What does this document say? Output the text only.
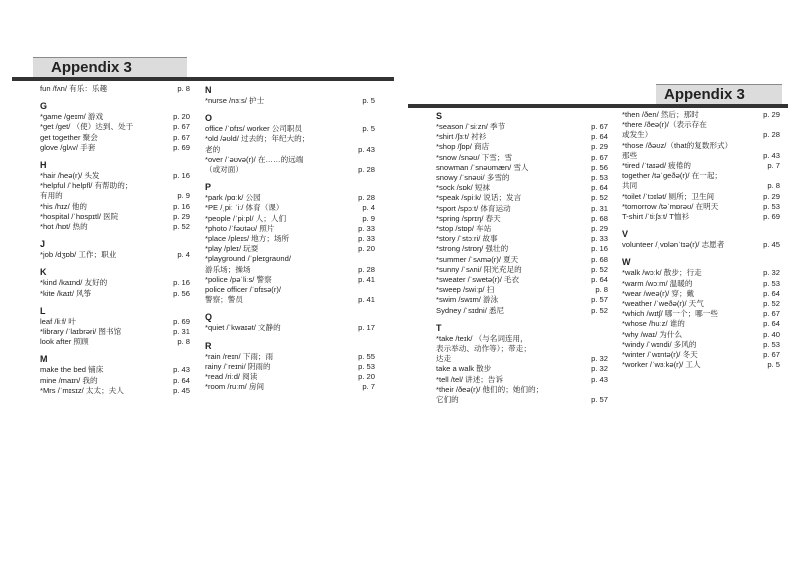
Appendix 3
fun /fʌn/ 有乐：乐趣	p. 8
G
*game /geɪm/ 游戏	p. 20
*get /get/ （使）达到、处于	p. 67
get together 聚会	p. 67
glove /glʌv/ 手套	p. 69
H
*hair /heə(r)/ 头发	p. 16
*helpful /ˈhelpfl/ 有帮助的；
有用的	p. 9
*his /hɪz/ 他的	p. 16
*hospital /ˈhɒspɪtl/ 医院	p. 29
*hot /hɒt/ 热的	p. 52
J
*job /dʒɒb/ 工作；职业	p. 4
K
*kind /kaɪnd/ 友好的	p. 16
*kite /kaɪt/ 风筝	p. 56
L
leaf /liːf/ 叶	p. 69
*library /ˈlaɪbrəri/ 图书馆	p. 31
look after 照顾	p. 8
M
make the bed 铺床	p. 43
mine /maɪn/ 我的	p. 64
*Mrs /ˈmɪsɪz/ 太太；夫人	p. 45
N
*nurse /nɜːs/ 护士	p. 5
O
office /ˈɒfɪs/ worker 公司职员	p. 5
*old /əʊld/ 过去的；年纪大的；
老的	p. 43
*over /ˈəʊvə(r)/ 在……的远端
（或对面）	p. 28
P
*park /pɑːk/ 公园	p. 28
*PE /ˌpiː ˈiː/ 体育（课）	p. 4
*people /ˈpiːpl/ 人；人们	p. 9
*photo /ˈfəʊtəʊ/ 照片	p. 33
*place /pleɪs/ 地方；场所	p. 33
*play /pleɪ/ 玩耍	p. 20
*playground /ˈpleɪɡraʊnd/
游乐场；操场	p. 28
*police /pəˈliːs/ 警察	p. 41
police officer /ˈɒfɪsə(r)/
警察；警员	p. 41
Q
*quiet /ˈkwaɪət/ 文静的	p. 17
R
*rain /reɪn/ 下雨；雨	p. 55
rainy /ˈreɪni/ 阴雨的	p. 53
*read /riːd/ 阅读	p. 20
*room /ruːm/ 房间	p. 7
Appendix 3
S
*season /ˈsiːzn/ 季节	p. 67
*shirt /ʃɜːt/ 衬衫	p. 64
*shop /ʃɒp/ 商店	p. 29
*snow /snəʊ/ 下雪；雪	p. 67
snowman /ˈsnəʊmæn/ 雪人	p. 56
snowy /ˈsnəʊi/ 多雪的	p. 53
*sock /sɒk/ 短袜	p. 64
*speak /spiːk/ 说话；发言	p. 52
*sport /spɔːt/ 体育运动	p. 31
*spring /sprɪŋ/ 春天	p. 68
*stop /stɒp/ 车站	p. 29
*story /ˈstɔːri/ 故事	p. 33
*strong /strɒŋ/ 强壮的	p. 16
*summer /ˈsʌmə(r)/ 夏天	p. 68
*sunny /ˈsʌni/ 阳光充足的	p. 52
*sweater /ˈswetə(r)/ 毛衣	p. 64
*sweep /swiːp/ 扫	p. 8
*swim /swɪm/ 游泳	p. 57
Sydney /ˈsɪdni/ 悉尼	p. 52
T
*take /teɪk/ （与名词连用，
表示举动、动作等）；带走；
达走	p. 32
take a walk 散步	p. 32
*tell /tel/ 讲述；告诉	p. 43
*their /ðeə(r)/ 他们的；她们的；
它们的	p. 57
*then /ðen/ 然后；那时	p. 29
*there /ðeə(r)/（表示存在
或发生）	p. 28
*those /ðəʊz/（that的复数形式）
那些	p. 43
*tired /ˈtaɪəd/ 疲倦的	p. 7
together /təˈɡeðə(r)/ 在一起；
共同	p. 8
*toilet /ˈtɔɪlət/ 厕所；卫生间	p. 29
*tomorrow /təˈmɒrəʊ/ 在明天	p. 53
T-shirt /ˈtiːʃɜːt/ T恤衫	p. 69
V
volunteer /ˌvɒlənˈtɪə(r)/ 志愿者	p. 45
W
*walk /wɔːk/ 散步；行走	p. 32
*warm /wɔːm/ 温暖的	p. 53
*wear /weə(r)/ 穿；戴	p. 64
*weather /ˈweðə(r)/ 天气	p. 52
*which /wɪtʃ/ 哪一个；哪一些	p. 67
*whose /huːz/ 谁的	p. 64
*why /waɪ/ 为什么	p. 40
*windy /ˈwɪndi/ 多风的	p. 53
*winter /ˈwɪntə(r)/ 冬天	p. 67
*worker /ˈwɜːkə(r)/ 工人	p. 5
